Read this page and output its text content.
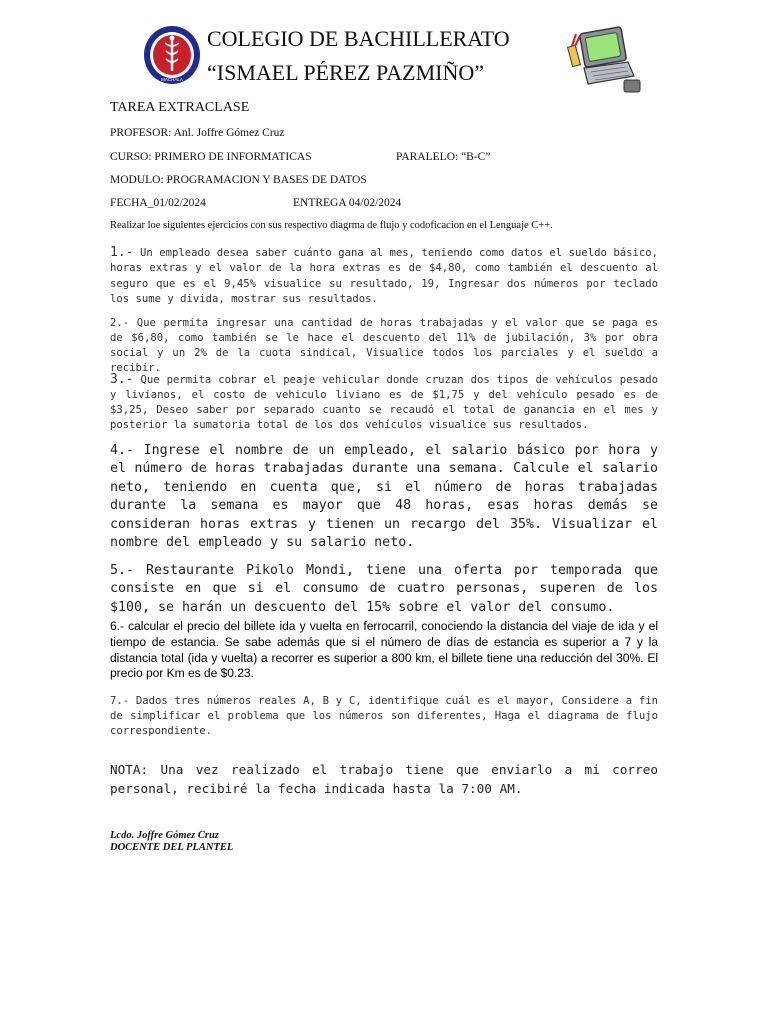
MACHALA
COLEGIO DE BACHILLERATO
“ISMAEL PÉREZ PAZMIÑO”
TAREA EXTRACLASE
PROFESOR: Anl. Joffre Gómez Cruz
CURSO: PRIMERO DE INFORMATICAS	PARALELO: “B-C”
MODULO: PROGRAMACION Y BASES DE DATOS
FECHA_01/02/2024	ENTREGA 04/02/2024
Realizar loe siguientes ejercicios con sus respectivo diagrma de flujo y codoficacion en el Lenguaje C++.

1.- Un empleado desea saber cuánto gana al mes, teniendo como datos el sueldo básico, horas extras y el valor de la hora extras es de $4,80, como también el descuento al seguro que es el 9,45% visualice su resultado, 19, Ingresar dos números por teclado los sume y divida, mostrar sus resultados.

2.- Que permita ingresar una cantidad de horas trabajadas y el valor que se paga es de $6,80, como también se le hace el descuento del 11% de jubilación, 3% por obra social y un 2% de la cuota sindical, Visualice todos los parciales y el sueldo a recibir.

3.- Que permita cobrar el peaje vehicular donde cruzan dos tipos de vehículos pesado y livianos, el costo de vehiculo liviano es de $1,75 y del vehículo pesado es de $3,25, Deseo saber por separado cuanto se recaudó el total de ganancia en el mes y posterior la sumatoria total de los dos vehículos visualice sus resultados.

4.- Ingrese el nombre de un empleado, el salario básico por hora y el número de horas trabajadas durante una semana. Calcule el salario neto, teniendo en cuenta que, si el número de horas trabajadas durante la semana es mayor que 48 horas, esas horas demás se consideran horas extras y tienen un recargo del 35%. Visualizar el nombre del empleado y su salario neto.

5.- Restaurante Pikolo Mondi, tiene una oferta por temporada que consiste en que si el consumo de cuatro personas, superen de los $100, se harán un descuento del 15% sobre el valor del consumo.

6.- calcular el precio del billete ida y vuelta en ferrocarril, conociendo la distancia del viaje de ida y el tiempo de estancia. Se sabe además que si el número de días de estancia es superior a 7 y la distancia total (ida y vuelta) a recorrer es superior a 800 km, el billete tiene una reducción del 30%. El precio por Km es de $0.23.

7.- Dados tres números reales A, B y C, identifique cuál es el mayor, Considere a fin de simplificar el problema que los números son diferentes, Haga el diagrama de flujo correspondiente.

NOTA: Una vez realizado el trabajo tiene que enviarlo a mi correo personal, recibiré la fecha indicada hasta la 7:00 AM.

Lcdo. Joffre Gómez Cruz
DOCENTE DEL PLANTEL
